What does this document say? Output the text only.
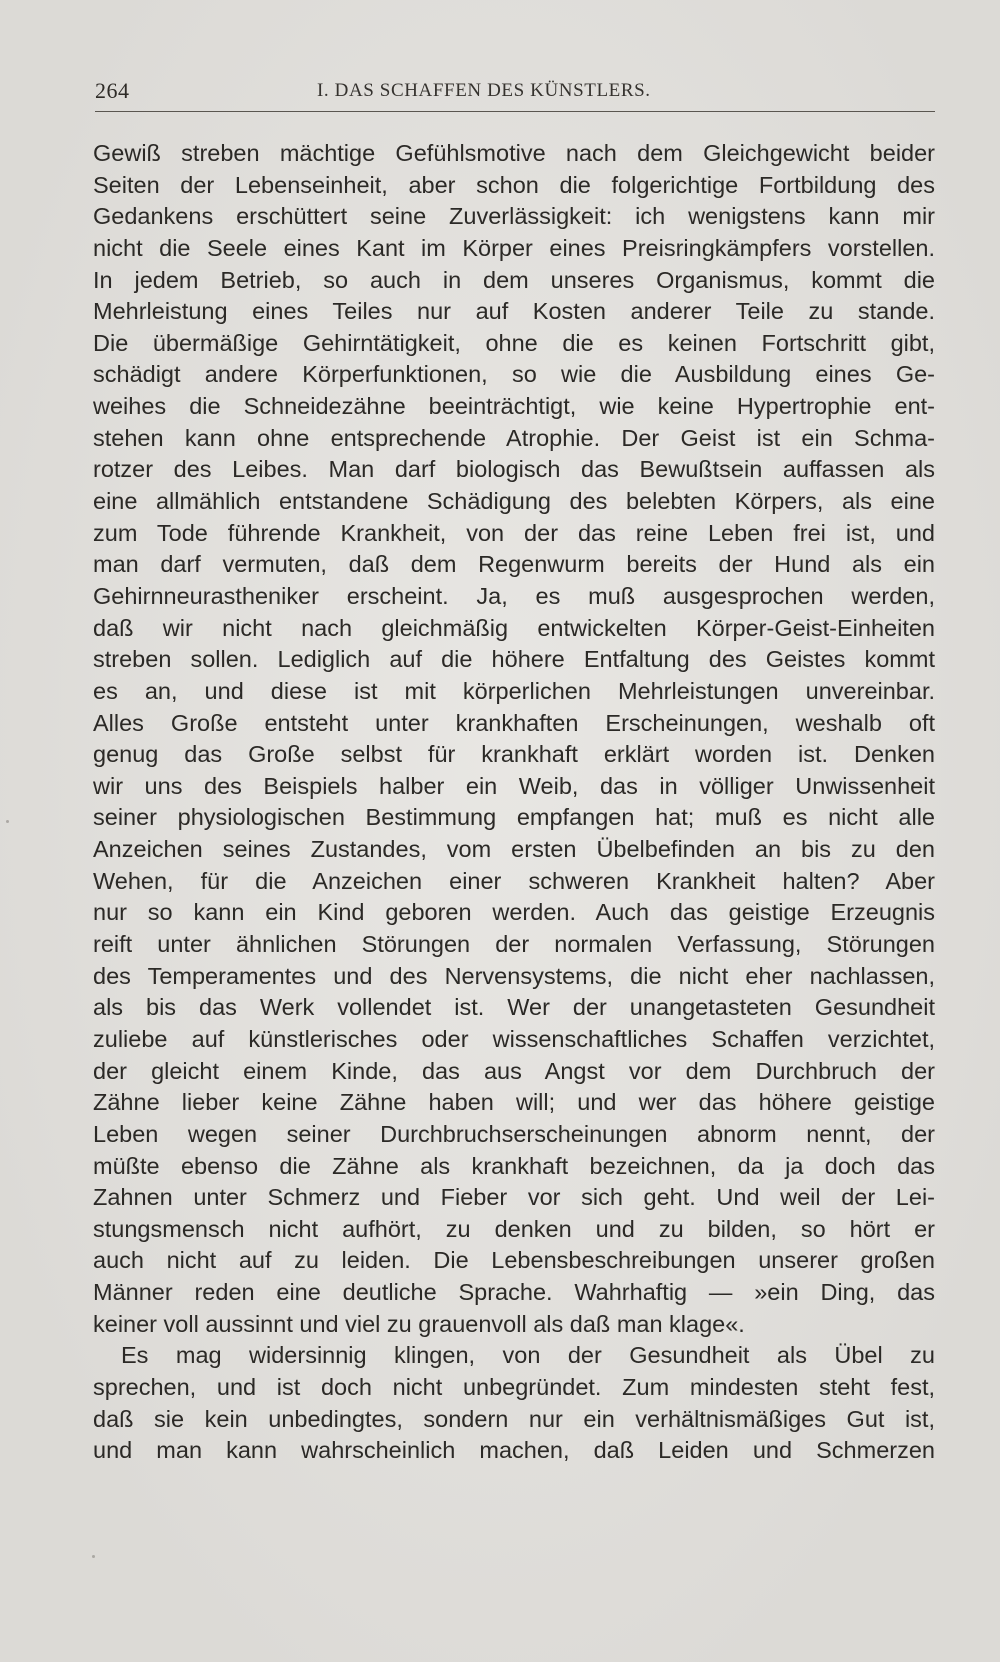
264	I. DAS SCHAFFEN DES KÜNSTLERS.
Gewiß streben mächtige Gefühlsmotive nach dem Gleichgewicht beider
Seiten der Lebenseinheit, aber schon die folgerichtige Fortbildung des
Gedankens erschüttert seine Zuverlässigkeit: ich wenigstens kann mir
nicht die Seele eines Kant im Körper eines Preisringkämpfers vorstellen.
In jedem Betrieb, so auch in dem unseres Organismus, kommt die
Mehrleistung eines Teiles nur auf Kosten anderer Teile zu stande.
Die übermäßige Gehirntätigkeit, ohne die es keinen Fortschritt gibt,
schädigt andere Körperfunktionen, so wie die Ausbildung eines Ge-
weihes die Schneidezähne beeinträchtigt, wie keine Hypertrophie ent-
stehen kann ohne entsprechende Atrophie. Der Geist ist ein Schma-
rotzer des Leibes. Man darf biologisch das Bewußtsein auffassen als
eine allmählich entstandene Schädigung des belebten Körpers, als eine
zum Tode führende Krankheit, von der das reine Leben frei ist, und
man darf vermuten, daß dem Regenwurm bereits der Hund als ein
Gehirnneurastheniker erscheint. Ja, es muß ausgesprochen werden,
daß wir nicht nach gleichmäßig entwickelten Körper-Geist-Einheiten
streben sollen. Lediglich auf die höhere Entfaltung des Geistes kommt
es an, und diese ist mit körperlichen Mehrleistungen unvereinbar.
Alles Große entsteht unter krankhaften Erscheinungen, weshalb oft
genug das Große selbst für krankhaft erklärt worden ist. Denken
wir uns des Beispiels halber ein Weib, das in völliger Unwissenheit
seiner physiologischen Bestimmung empfangen hat; muß es nicht alle
Anzeichen seines Zustandes, vom ersten Übelbefinden an bis zu den
Wehen, für die Anzeichen einer schweren Krankheit halten? Aber
nur so kann ein Kind geboren werden. Auch das geistige Erzeugnis
reift unter ähnlichen Störungen der normalen Verfassung, Störungen
des Temperamentes und des Nervensystems, die nicht eher nachlassen,
als bis das Werk vollendet ist. Wer der unangetasteten Gesundheit
zuliebe auf künstlerisches oder wissenschaftliches Schaffen verzichtet,
der gleicht einem Kinde, das aus Angst vor dem Durchbruch der
Zähne lieber keine Zähne haben will; und wer das höhere geistige
Leben wegen seiner Durchbruchserscheinungen abnorm nennt, der
müßte ebenso die Zähne als krankhaft bezeichnen, da ja doch das
Zahnen unter Schmerz und Fieber vor sich geht. Und weil der Lei-
stungsmensch nicht aufhört, zu denken und zu bilden, so hört er
auch nicht auf zu leiden. Die Lebensbeschreibungen unserer großen
Männer reden eine deutliche Sprache. Wahrhaftig — »ein Ding, das
keiner voll aussinnt und viel zu grauenvoll als daß man klage«.
Es mag widersinnig klingen, von der Gesundheit als Übel zu
sprechen, und ist doch nicht unbegründet. Zum mindesten steht fest,
daß sie kein unbedingtes, sondern nur ein verhältnismäßiges Gut ist,
und man kann wahrscheinlich machen, daß Leiden und Schmerzen
